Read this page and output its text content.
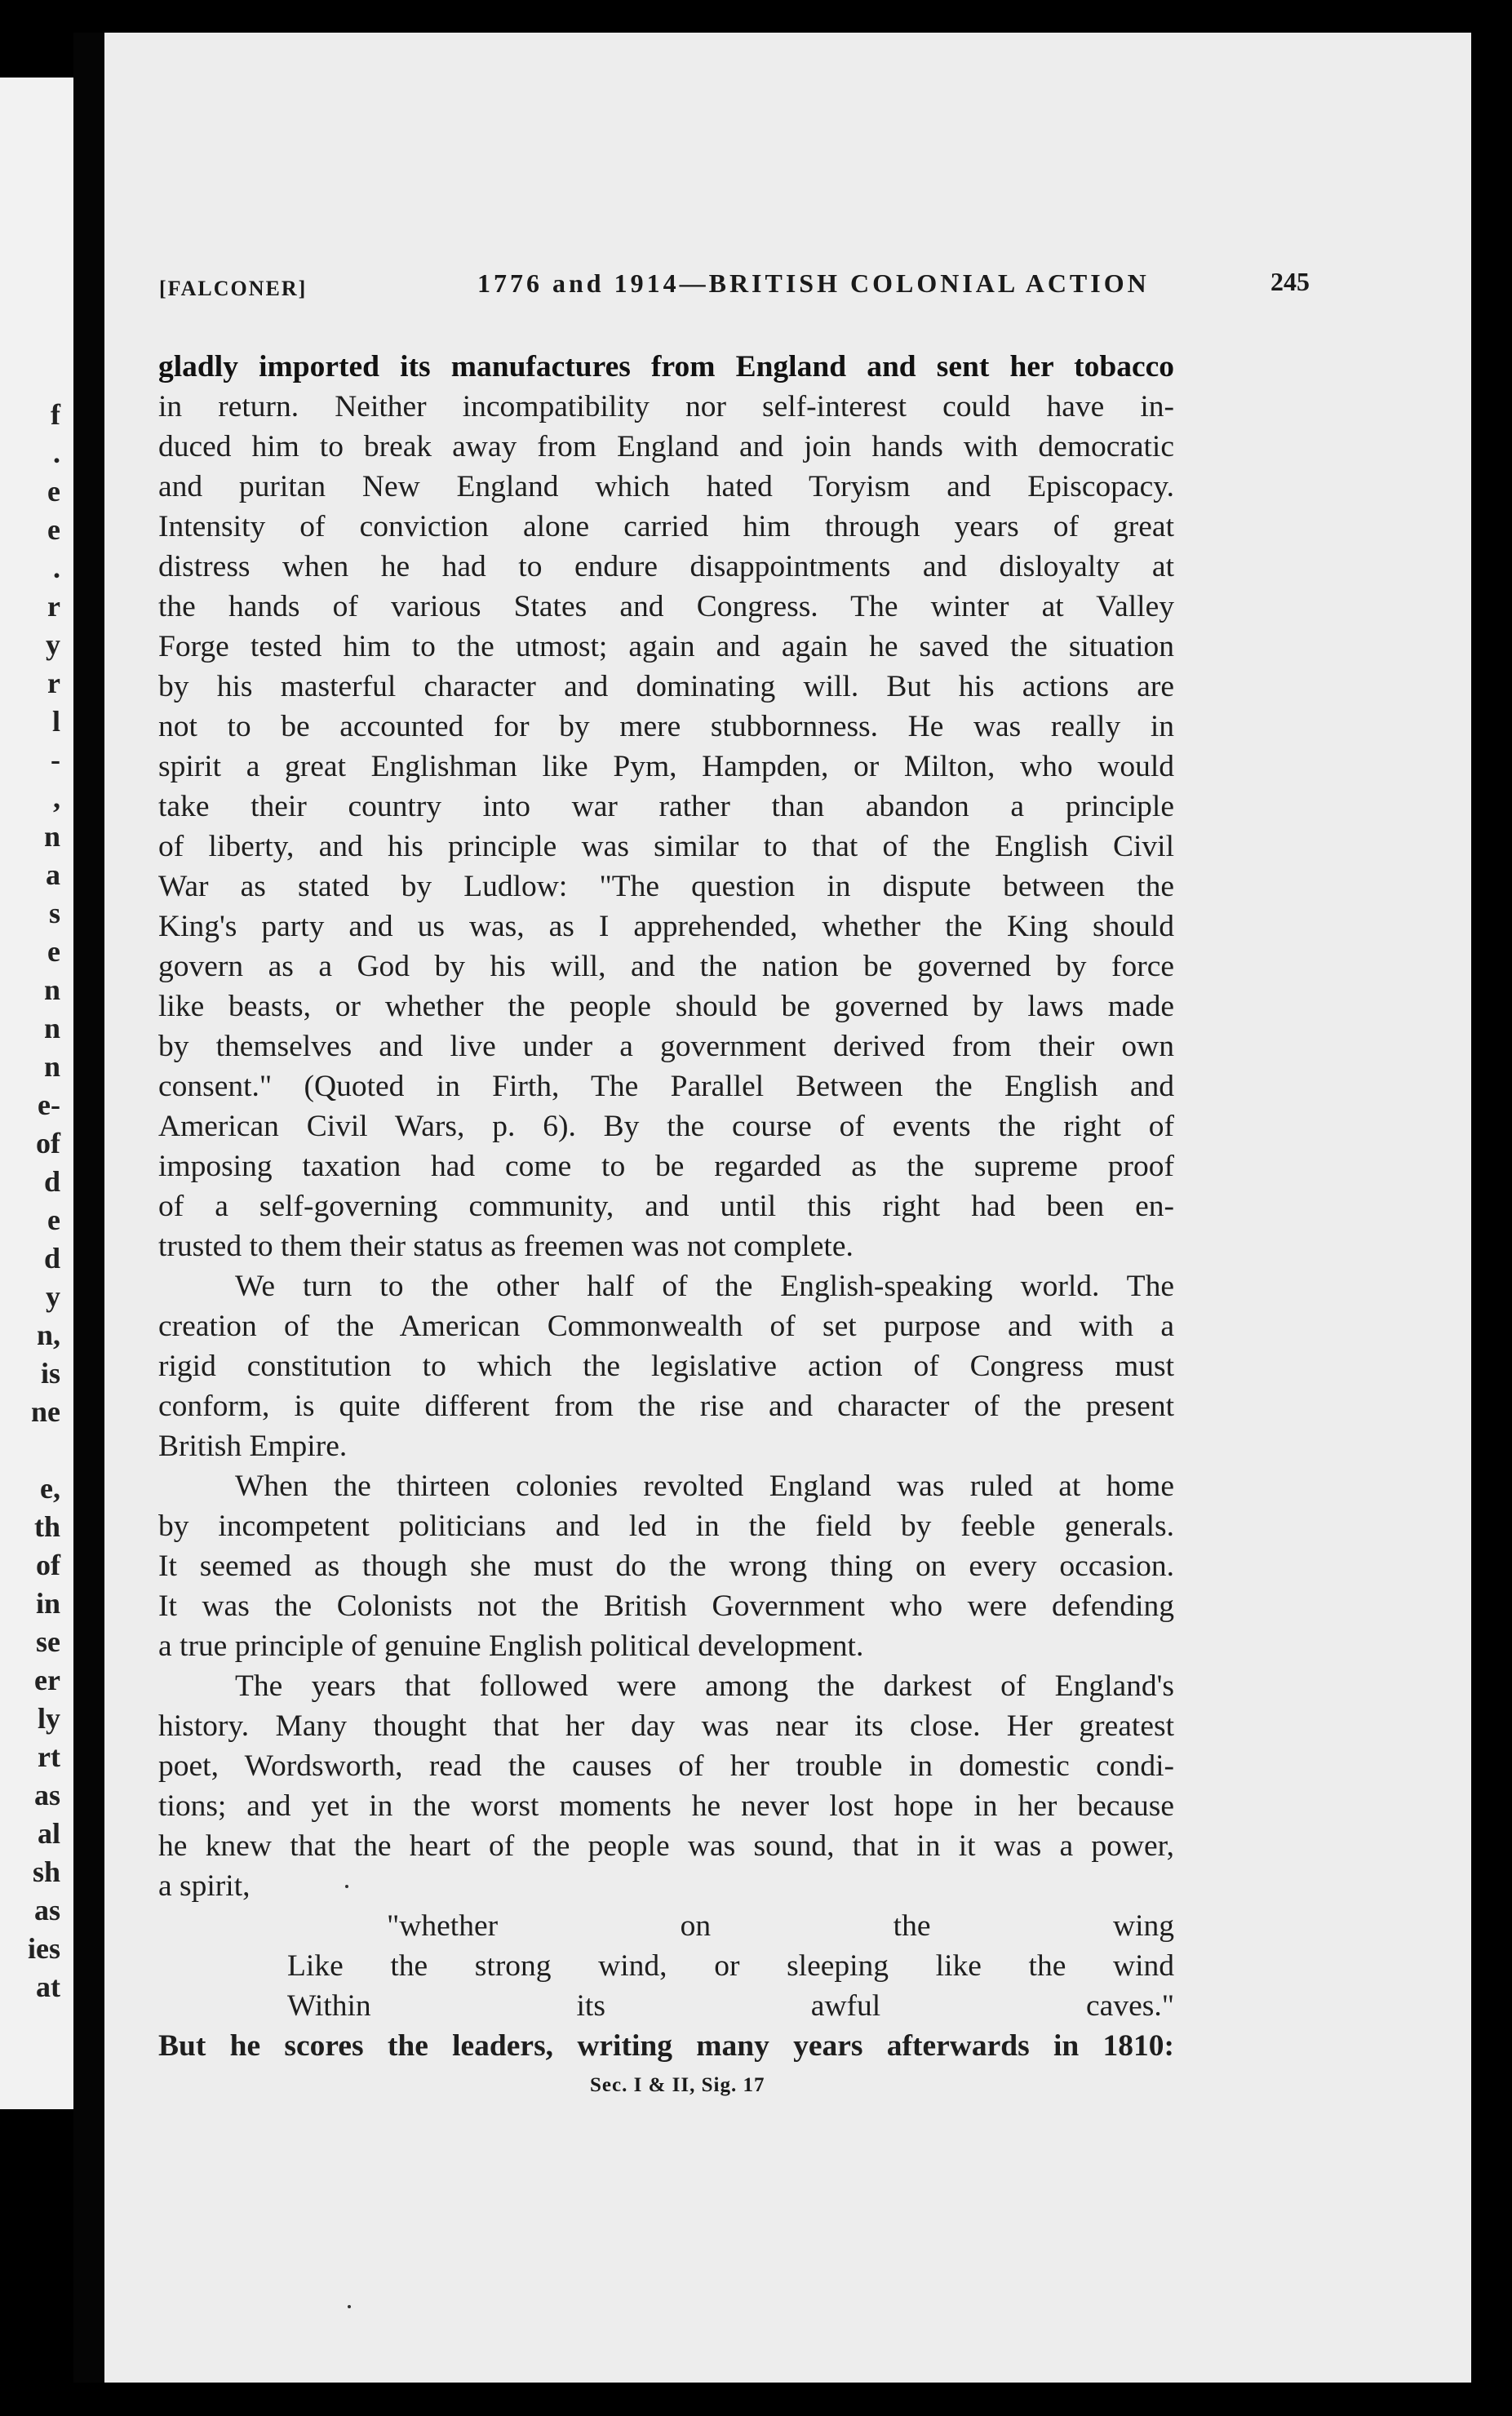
f
.
e
e
.
r
y
r
l
-
,
n
a
s
e
n
n
n
e-
of
d
e
d
y
n,
is
ne
e,
th
of
in
se
er
ly
rt
as
al
sh
as
ies
at
[FALCONER]	1776 and 1914—BRITISH COLONIAL ACTION	245
gladly imported its manufactures from England and sent her tobacco
in return. Neither incompatibility nor self-interest could have in-
duced him to break away from England and join hands with democratic
and puritan New England which hated Toryism and Episcopacy.
Intensity of conviction alone carried him through years of great
distress when he had to endure disappointments and disloyalty at
the hands of various States and Congress. The winter at Valley
Forge tested him to the utmost; again and again he saved the situation
by his masterful character and dominating will. But his actions are
not to be accounted for by mere stubbornness. He was really in
spirit a great Englishman like Pym, Hampden, or Milton, who would
take their country into war rather than abandon a principle
of liberty, and his principle was similar to that of the English Civil
War as stated by Ludlow: "The question in dispute between the
King's party and us was, as I apprehended, whether the King should
govern as a God by his will, and the nation be governed by force
like beasts, or whether the people should be governed by laws made
by themselves and live under a government derived from their own
consent." (Quoted in Firth, The Parallel Between the English and
American Civil Wars, p. 6). By the course of events the right of
imposing taxation had come to be regarded as the supreme proof
of a self-governing community, and until this right had been en-
trusted to them their status as freemen was not complete.
We turn to the other half of the English-speaking world. The
creation of the American Commonwealth of set purpose and with a
rigid constitution to which the legislative action of Congress must
conform, is quite different from the rise and character of the present
British Empire.
When the thirteen colonies revolted England was ruled at home
by incompetent politicians and led in the field by feeble generals.
It seemed as though she must do the wrong thing on every occasion.
It was the Colonists not the British Government who were defending
a true principle of genuine English political development.
The years that followed were among the darkest of England's
history. Many thought that her day was near its close. Her greatest
poet, Wordsworth, read the causes of her trouble in domestic condi-
tions; and yet in the worst moments he never lost hope in her because
he knew that the heart of the people was sound, that in it was a power,
a spirit,
"whether on the wing
Like the strong wind, or sleeping like the wind
Within its awful caves."
But he scores the leaders, writing many years afterwards in 1810:
Sec. I & II, Sig. 17
